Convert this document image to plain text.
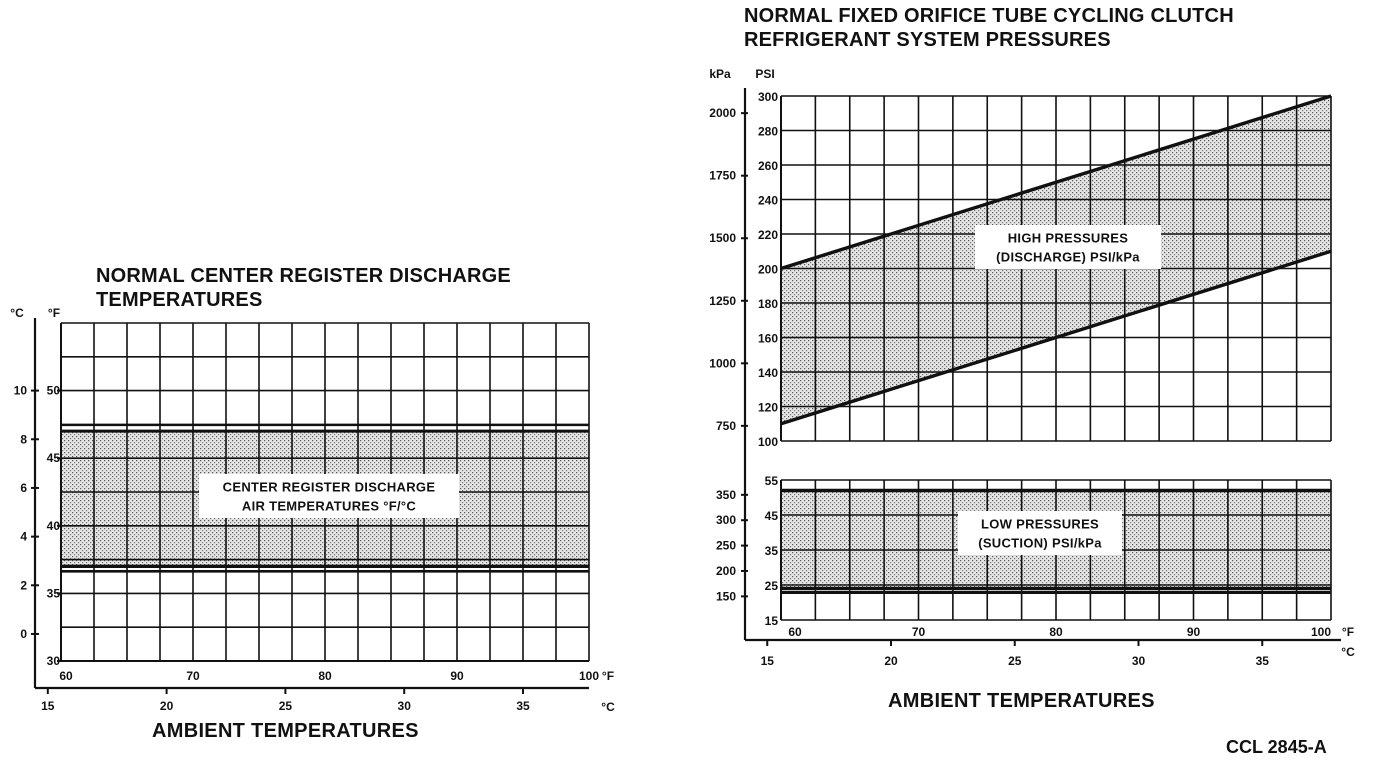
NORMAL CENTER REGISTER DISCHARGE
TEMPERATURES
NORMAL FIXED ORIFICE TUBE CYCLING CLUTCH
REFRIGERANT SYSTEM PRESSURES
AMBIENT TEMPERATURES
AMBIENT TEMPERATURES
CCL 2845-A
30
35
40
45
50
0
2
4
6
8
10
°C °F
60	70	80	90	100 °F
15	20	25	30	35	°C
CENTER REGISTER DISCHARGE
AIR TEMPERATURES °F/°C
100
120
140
160
180
200
220
240
260
280
300
750
1000
1250
1500
1750
2000
kPa PSI
15
25
35
45
55
150
200
250
300
350
60	70	80	90	100 °F
15	20	25	30	35
°C
HIGH PRESSURES
(DISCHARGE) PSI/kPa
LOW PRESSURES
(SUCTION) PSI/kPa
